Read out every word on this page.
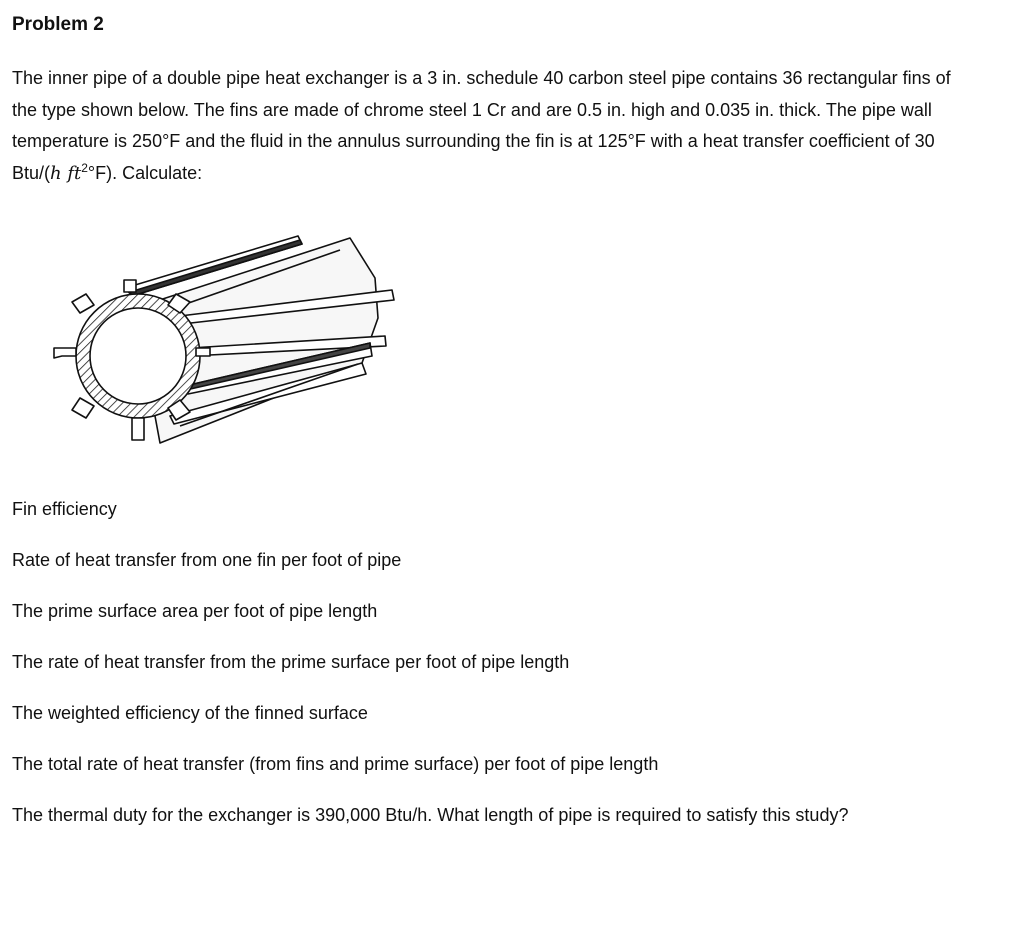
Problem 2

The inner pipe of a double pipe heat exchanger is a 3 in. schedule 40 carbon steel pipe contains 36 rectangular fins of the type shown below. The fins are made of chrome steel 1 Cr and are 0.5 in. high and 0.035 in. thick. The pipe wall temperature is 250°F and the fluid in the annulus surrounding the fin is at 125°F with a heat transfer coefficient of 30 Btu/(h $ft^2^\circ F$). Calculate:

Fin efficiency

Rate of heat transfer from one fin per foot of pipe

The prime surface area per foot of pipe length

The rate of heat transfer from the prime surface per foot of pipe length

The weighted efficiency of the finned surface

The total rate of heat transfer (from fins and prime surface) per foot of pipe length

The thermal duty for the exchanger is 390,000 Btu/h. What length of pipe is required to satisfy this study?
